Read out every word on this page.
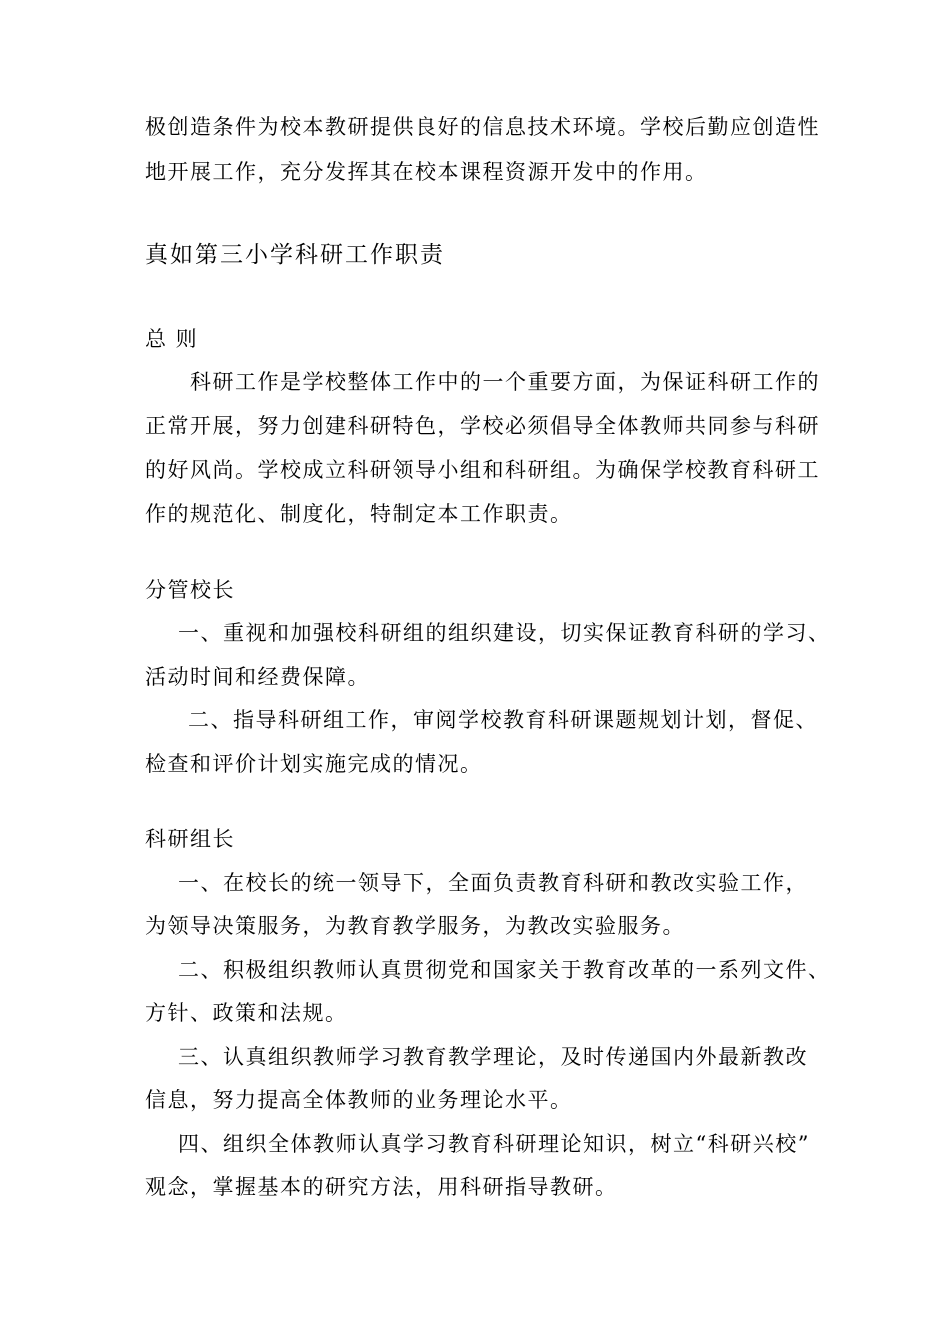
极创造条件为校本教研提供良好的信息技术环境。学校后勤应创造性
地开展工作，充分发挥其在校本课程资源开发中的作用。
真如第三小学科研工作职责
总 则
科研工作是学校整体工作中的一个重要方面，为保证科研工作的
正常开展，努力创建科研特色，学校必须倡导全体教师共同参与科研
的好风尚。学校成立科研领导小组和科研组。为确保学校教育科研工
作的规范化、制度化，特制定本工作职责。
分管校长
一、重视和加强校科研组的组织建设，切实保证教育科研的学习、
活动时间和经费保障。
二、指导科研组工作，审阅学校教育科研课题规划计划，督促、
检查和评价计划实施完成的情况。
科研组长
一、在校长的统一领导下，全面负责教育科研和教改实验工作，
为领导决策服务，为教育教学服务，为教改实验服务。
二、积极组织教师认真贯彻党和国家关于教育改革的一系列文件、
方针、政策和法规。
三、认真组织教师学习教育教学理论，及时传递国内外最新教改
信息，努力提高全体教师的业务理论水平。
四、组织全体教师认真学习教育科研理论知识，树立“科研兴校”
观念，掌握基本的研究方法，用科研指导教研。
